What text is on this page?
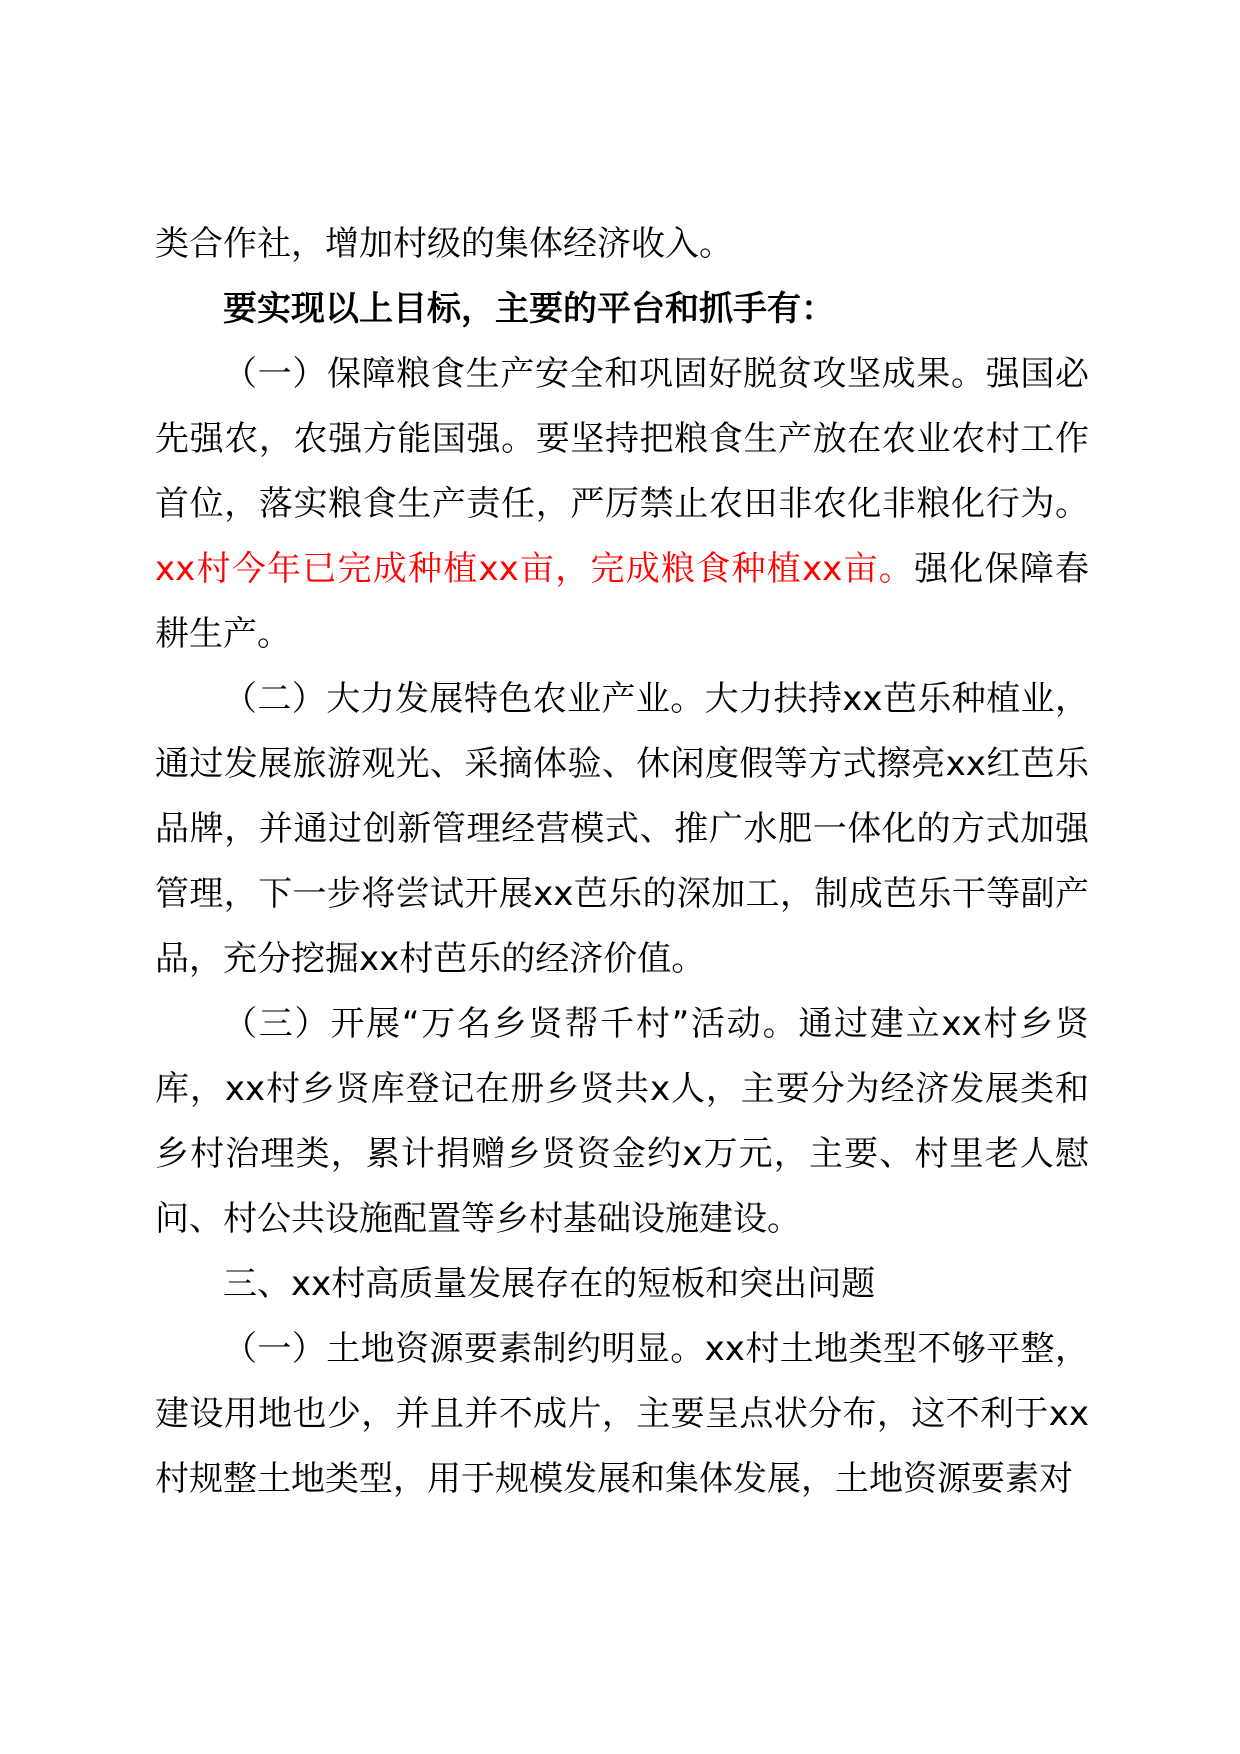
类合作社，增加村级的集体经济收入。

要实现以上目标，主要的平台和抓手有：

（一）保障粮食生产安全和巩固好脱贫攻坚成果。强国必先强农，农强方能国强。要坚持把粮食生产放在农业农村工作首位，落实粮食生产责任，严厉禁止农田非农化非粮化行为。xx村今年已完成种植xx亩，完成粮食种植xx亩。强化保障春耕生产。

（二）大力发展特色农业产业。大力扶持xx芭乐种植业，通过发展旅游观光、采摘体验、休闲度假等方式擦亮xx红芭乐品牌，并通过创新管理经营模式、推广水肥一体化的方式加强管理，下一步将尝试开展xx芭乐的深加工，制成芭乐干等副产品，充分挖掘xx村芭乐的经济价值。

（三）开展“万名乡贤帮千村”活动。通过建立xx村乡贤库，xx村乡贤库登记在册乡贤共x人，主要分为经济发展类和乡村治理类，累计捐赠乡贤资金约x万元，主要、村里老人慰问、村公共设施配置等乡村基础设施建设。

三、xx村高质量发展存在的短板和突出问题

（一）土地资源要素制约明显。xx村土地类型不够平整，建设用地也少，并且并不成片，主要呈点状分布，这不利于xx村规整土地类型，用于规模发展和集体发展，土地资源要素对
